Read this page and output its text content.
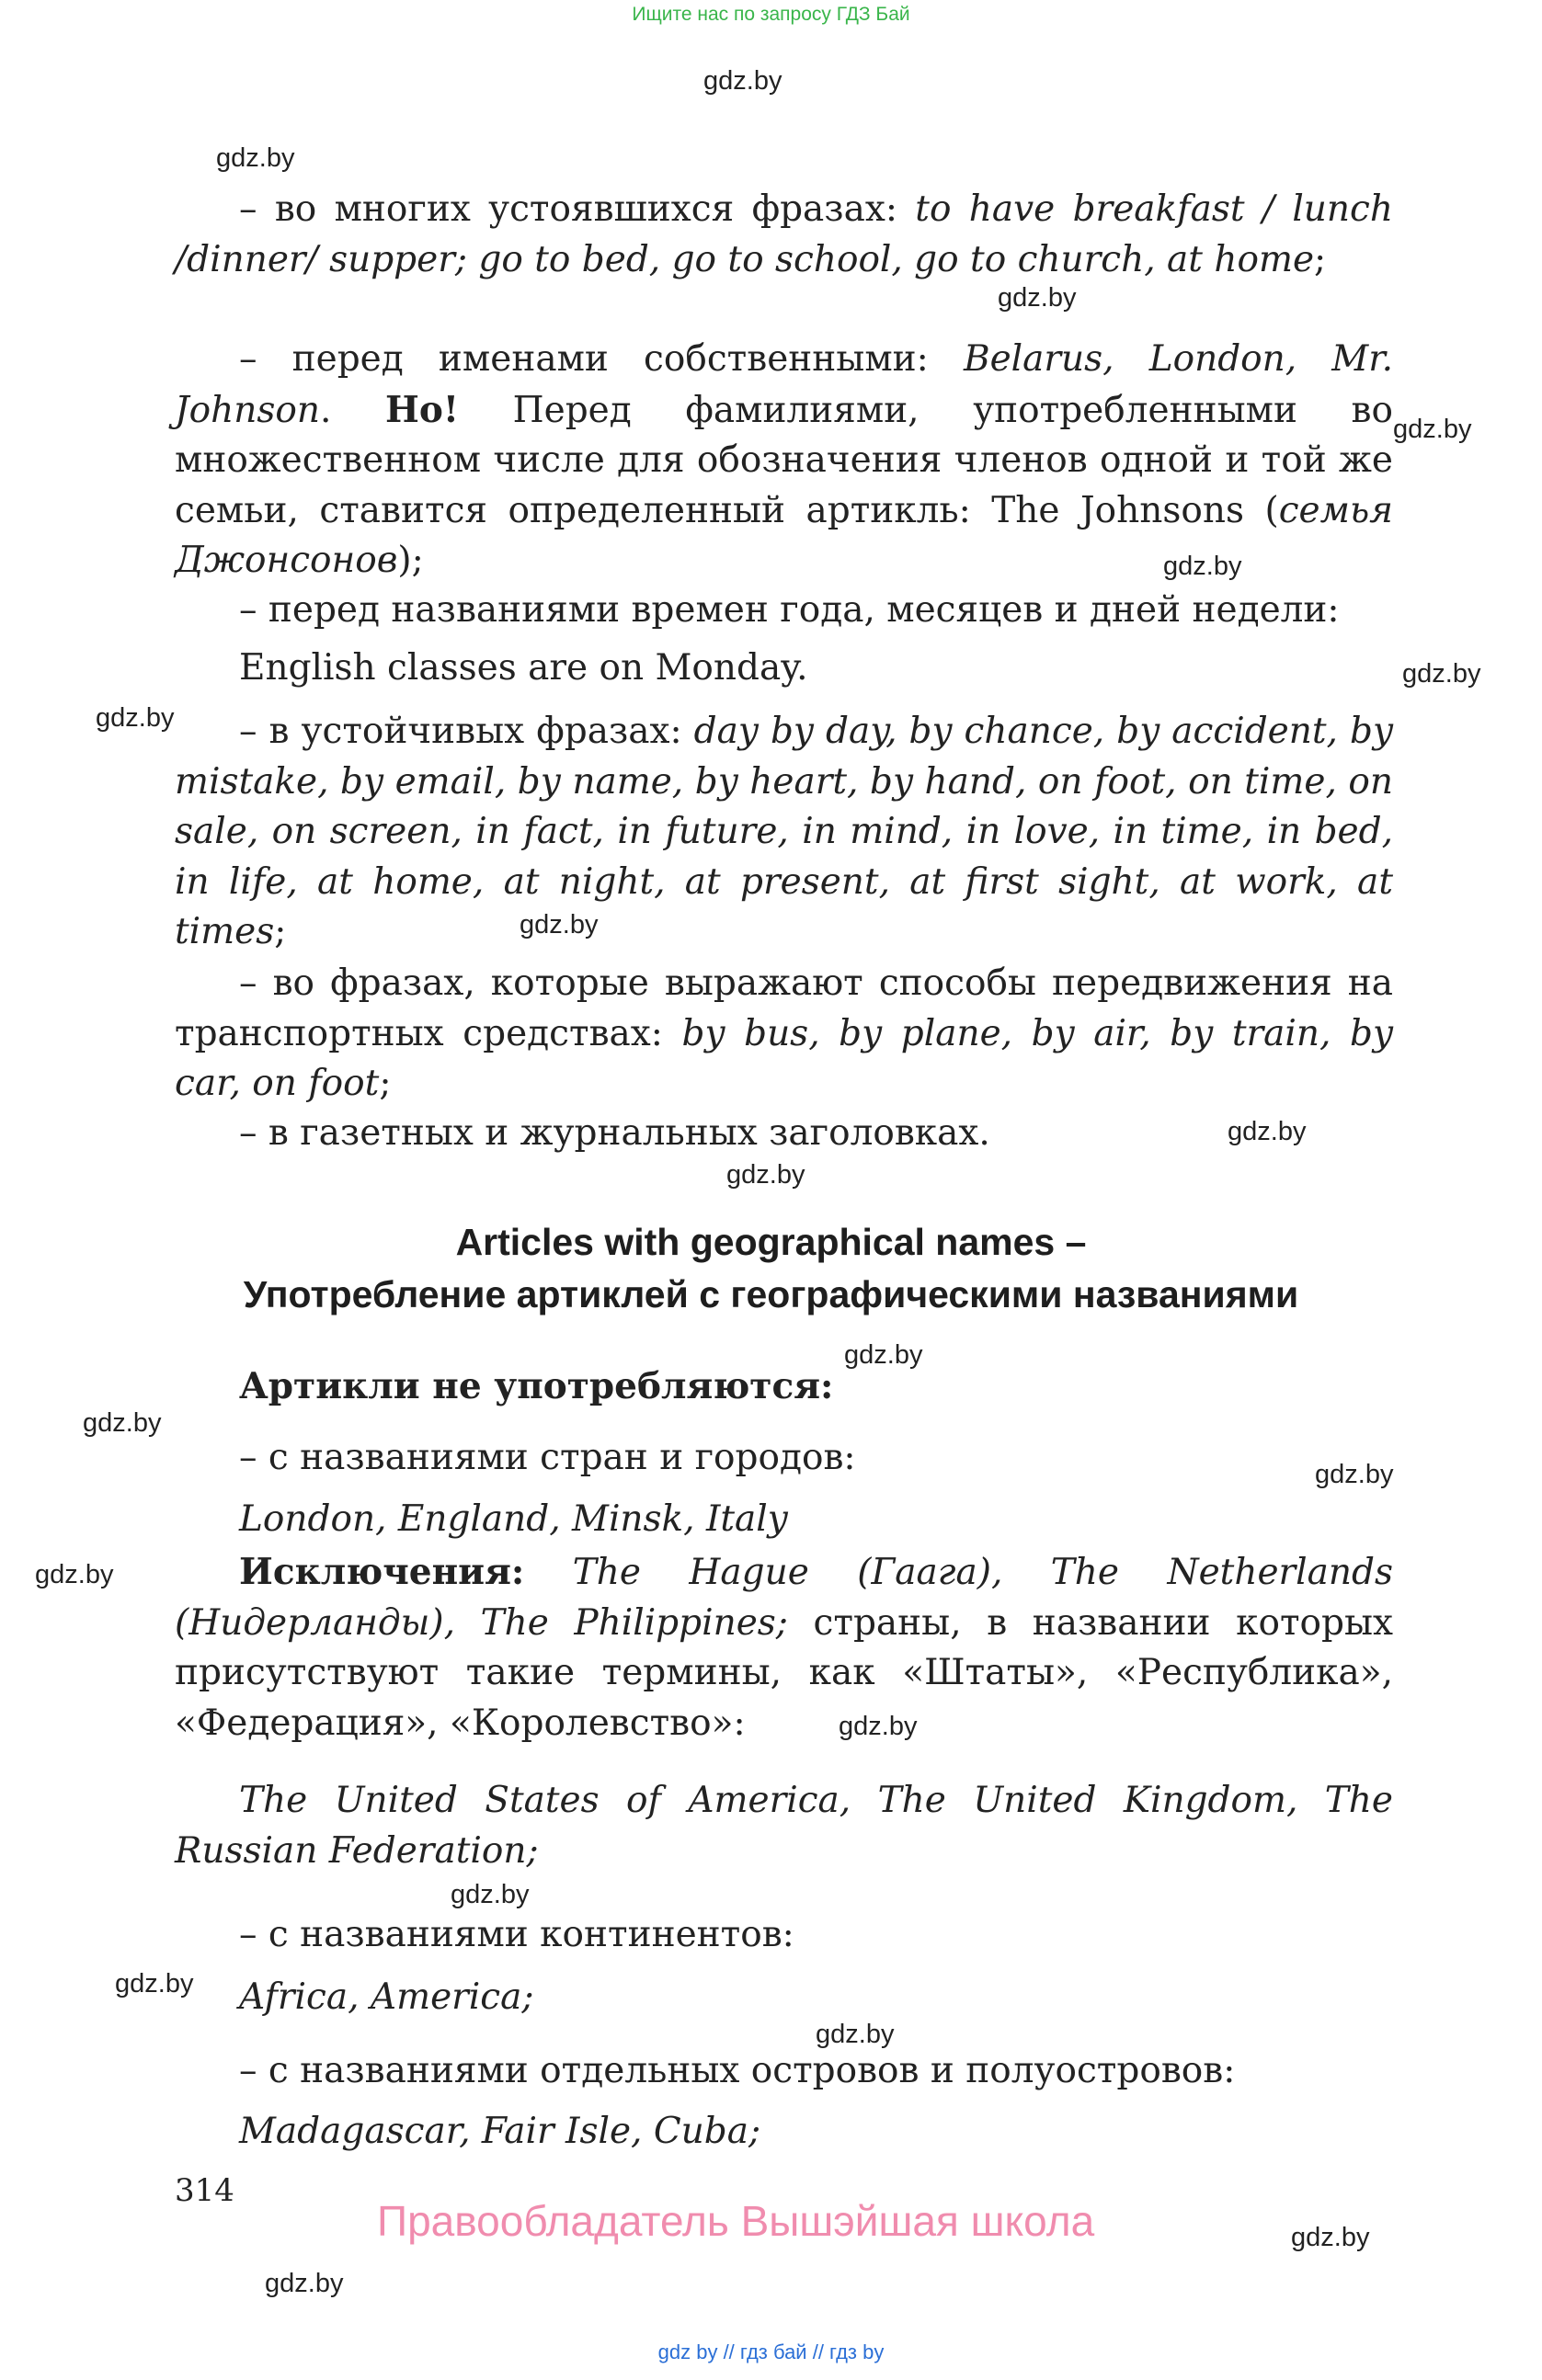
Ищите нас по запросу ГДЗ Бай
gdz.by
gdz.by
gdz.by
gdz.by
gdz.by
gdz.by
gdz.by
gdz.by
gdz.by
gdz.by
gdz.by
gdz.by
gdz.by
gdz.by
gdz.by
gdz.by
gdz.by
gdz.by
gdz.by
gdz.by
– во многих устоявшихся фразах: to have breakfast / lunch /dinner/ supper; go to bed, go to school, go to church, at home;
– перед именами собственными: Belarus, London, Mr. Johnson. Но! Перед фамилиями, употребленными во множественном числе для обозначения членов одной и той же семьи, ставится определенный артикль: The Johnsons (семья Джонсонов);
– перед названиями времен года, месяцев и дней недели:
English classes are on Monday.
– в устойчивых фразах: day by day, by chance, by accident, by mistake, by email, by name, by heart, by hand, on foot, on time, on sale, on screen, in fact, in future, in mind, in love, in time, in bed, in life, at home, at night, at present, at first sight, at work, at times;
– во фразах, которые выражают способы передвижения на транспортных средствах: by bus, by plane, by air, by train, by car, on foot;
– в газетных и журнальных заголовках.
Articles with geographical names –
Употребление артиклей с географическими названиями
Артикли не употребляются:
– с названиями стран и городов:
London, England, Minsk, Italy
Исключения: The Hague (Гаага), The Netherlands (Нидерланды), The Philippines; страны, в названии которых присутствуют такие термины, как «Штаты», «Республика», «Федерация», «Королевство»:
The United States of America, The United Kingdom, The Russian Federation;
– с названиями континентов:
Africa, America;
– с названиями отдельных островов и полуостровов:
Madagascar, Fair Isle, Cuba;
314
Правообладатель Вышэйшая школа
gdz by // гдз бай // гдз by
